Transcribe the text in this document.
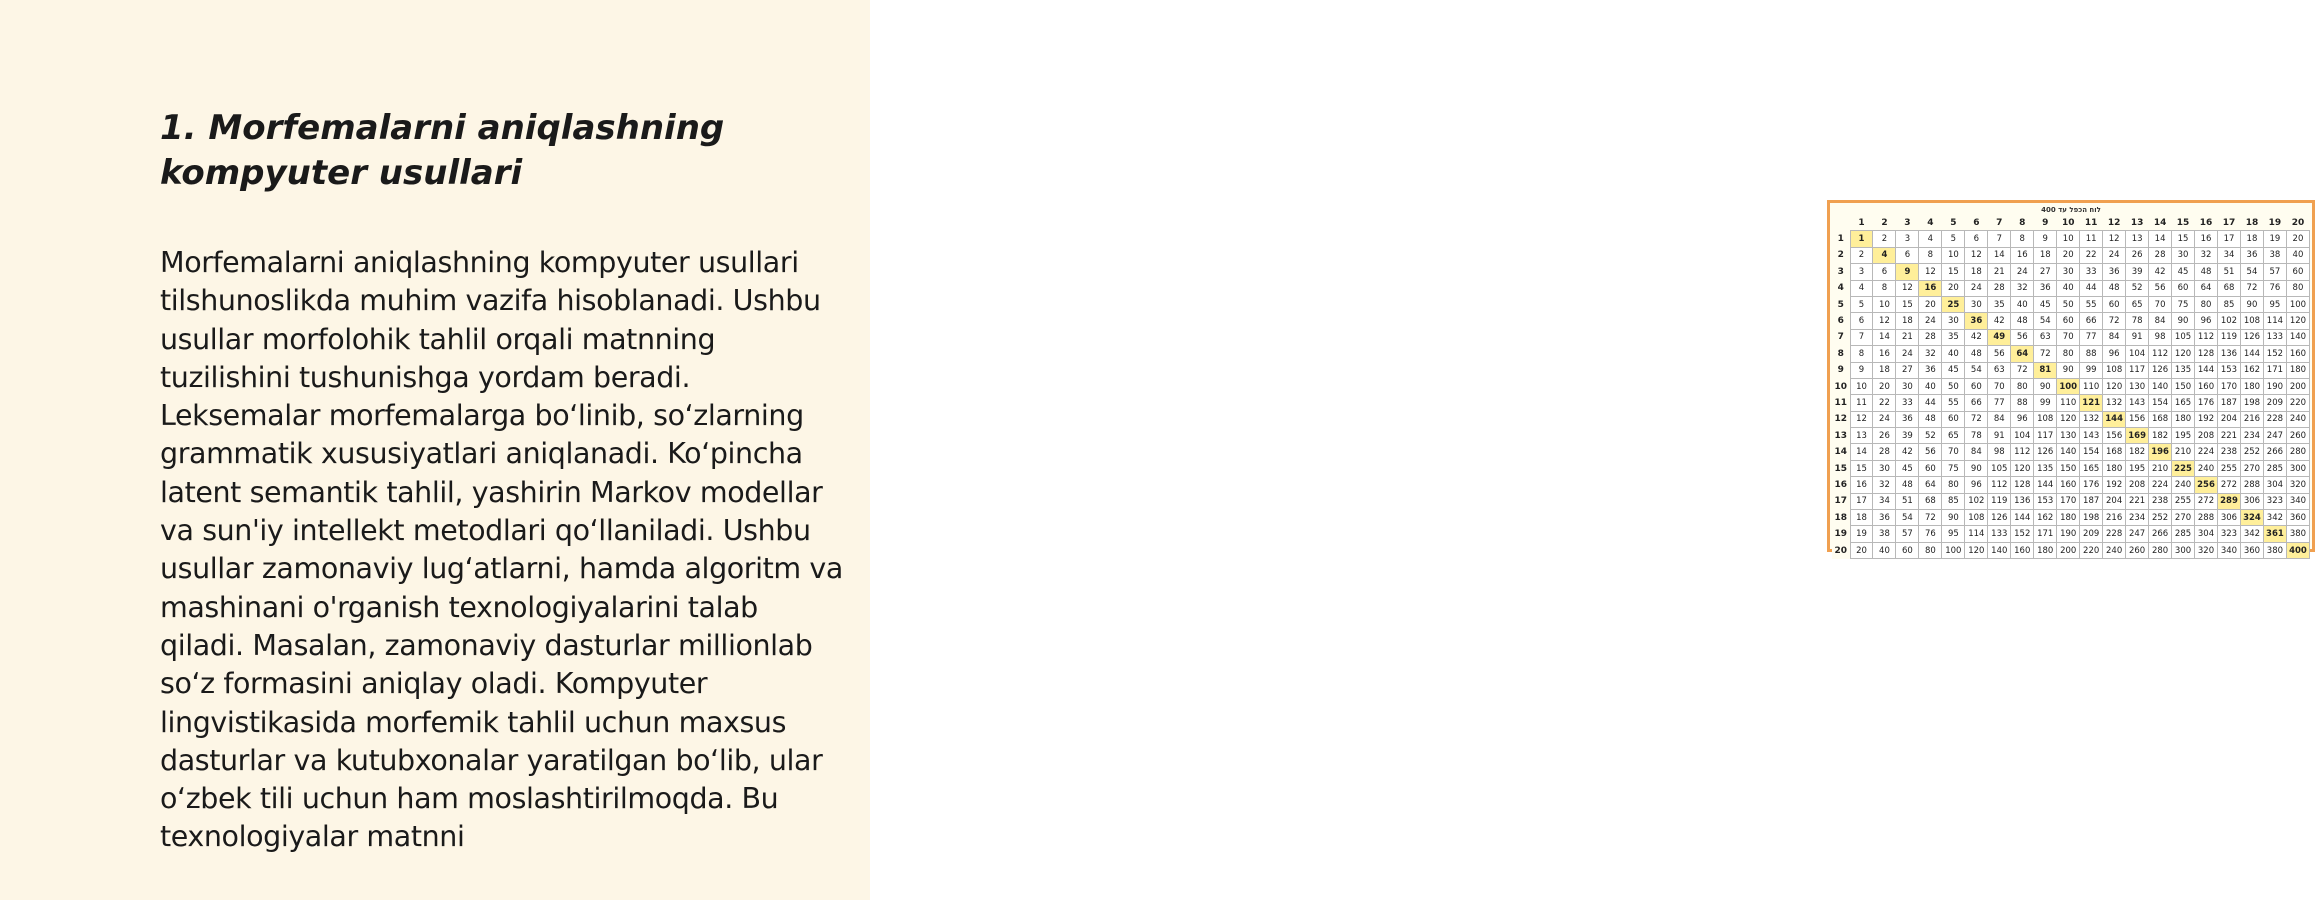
1. Morfemalarni aniqlashning kompyuter usullari

Morfemalarni aniqlashning kompyuter usullari tilshunoslikda muhim vazifa hisoblanadi. Ushbu usullar morfolohik tahlil orqali matnning tuzilishini tushunishga yordam beradi. Leksemalar morfemalarga boʻlinib, soʻzlarning grammatik xususiyatlari aniqlanadi. Koʻpincha latent semantik tahlil, yashirin Markov modellar va sun'iy intellekt metodlari qoʻllaniladi. Ushbu usullar zamonaviy lugʻatlarni, hamda algoritm va mashinani o'rganish texnologiyalarini talab qiladi. Masalan, zamonaviy dasturlar millionlab soʻz formasini aniqlay oladi. Kompyuter lingvistikasida morfemik tahlil uchun maxsus dasturlar va kutubxonalar yaratilgan boʻlib, ular oʻzbek tili uchun ham moslashtirilmoqda. Bu texnologiyalar matnni

לוח הכפל עד 400
	1	2	3	4	5	6	7	8	9	10	11	12	13	14	15	16	17	18	19	20
1	1	2	3	4	5	6	7	8	9	10	11	12	13	14	15	16	17	18	19	20
2	2	4	6	8	10	12	14	16	18	20	22	24	26	28	30	32	34	36	38	40
3	3	6	9	12	15	18	21	24	27	30	33	36	39	42	45	48	51	54	57	60
4	4	8	12	16	20	24	28	32	36	40	44	48	52	56	60	64	68	72	76	80
5	5	10	15	20	25	30	35	40	45	50	55	60	65	70	75	80	85	90	95	100
6	6	12	18	24	30	36	42	48	54	60	66	72	78	84	90	96	102	108	114	120
7	7	14	21	28	35	42	49	56	63	70	77	84	91	98	105	112	119	126	133	140
8	8	16	24	32	40	48	56	64	72	80	88	96	104	112	120	128	136	144	152	160
9	9	18	27	36	45	54	63	72	81	90	99	108	117	126	135	144	153	162	171	180
10	10	20	30	40	50	60	70	80	90	100	110	120	130	140	150	160	170	180	190	200
11	11	22	33	44	55	66	77	88	99	110	121	132	143	154	165	176	187	198	209	220
12	12	24	36	48	60	72	84	96	108	120	132	144	156	168	180	192	204	216	228	240
13	13	26	39	52	65	78	91	104	117	130	143	156	169	182	195	208	221	234	247	260
14	14	28	42	56	70	84	98	112	126	140	154	168	182	196	210	224	238	252	266	280
15	15	30	45	60	75	90	105	120	135	150	165	180	195	210	225	240	255	270	285	300
16	16	32	48	64	80	96	112	128	144	160	176	192	208	224	240	256	272	288	304	320
17	17	34	51	68	85	102	119	136	153	170	187	204	221	238	255	272	289	306	323	340
18	18	36	54	72	90	108	126	144	162	180	198	216	234	252	270	288	306	324	342	360
19	19	38	57	76	95	114	133	152	171	190	209	228	247	266	285	304	323	342	361	380
20	20	40	60	80	100	120	140	160	180	200	220	240	260	280	300	320	340	360	380	400
